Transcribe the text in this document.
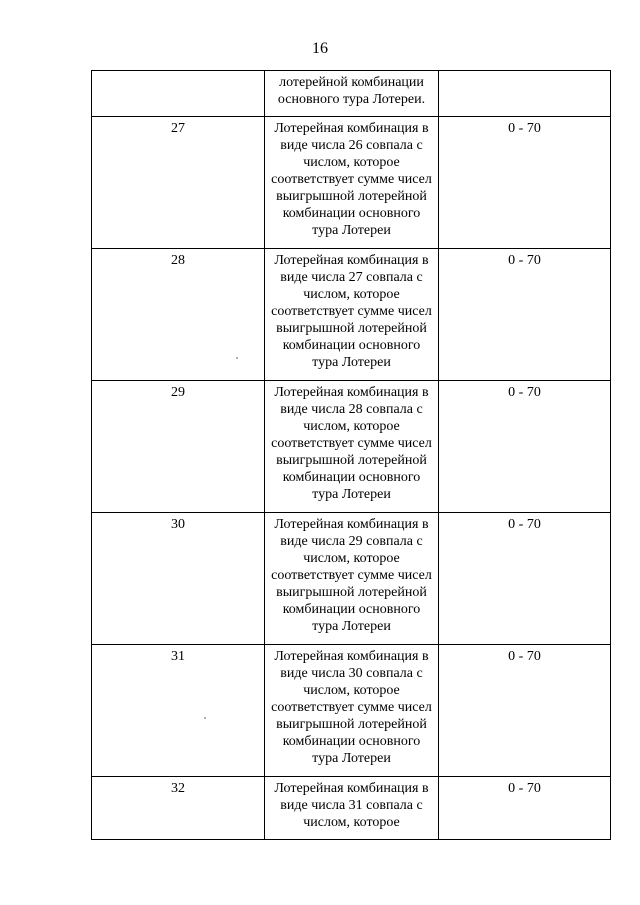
16
	лотерейной комбинации основного тура Лотереи.	
27	Лотерейная комбинация в виде числа 26 совпала с числом, которое соответствует сумме чисел выигрышной лотерейной комбинации основного тура Лотереи	0 - 70
28	Лотерейная комбинация в виде числа 27 совпала с числом, которое соответствует сумме чисел выигрышной лотерейной комбинации основного тура Лотереи	0 - 70
29	Лотерейная комбинация в виде числа 28 совпала с числом, которое соответствует сумме чисел выигрышной лотерейной комбинации основного тура Лотереи	0 - 70
30	Лотерейная комбинация в виде числа 29 совпала с числом, которое соответствует сумме чисел выигрышной лотерейной комбинации основного тура Лотереи	0 - 70
31	Лотерейная комбинация в виде числа 30 совпала с числом, которое соответствует сумме чисел выигрышной лотерейной комбинации основного тура Лотереи	0 - 70
32	Лотерейная комбинация в виде числа 31 совпала с числом, которое	0 - 70
